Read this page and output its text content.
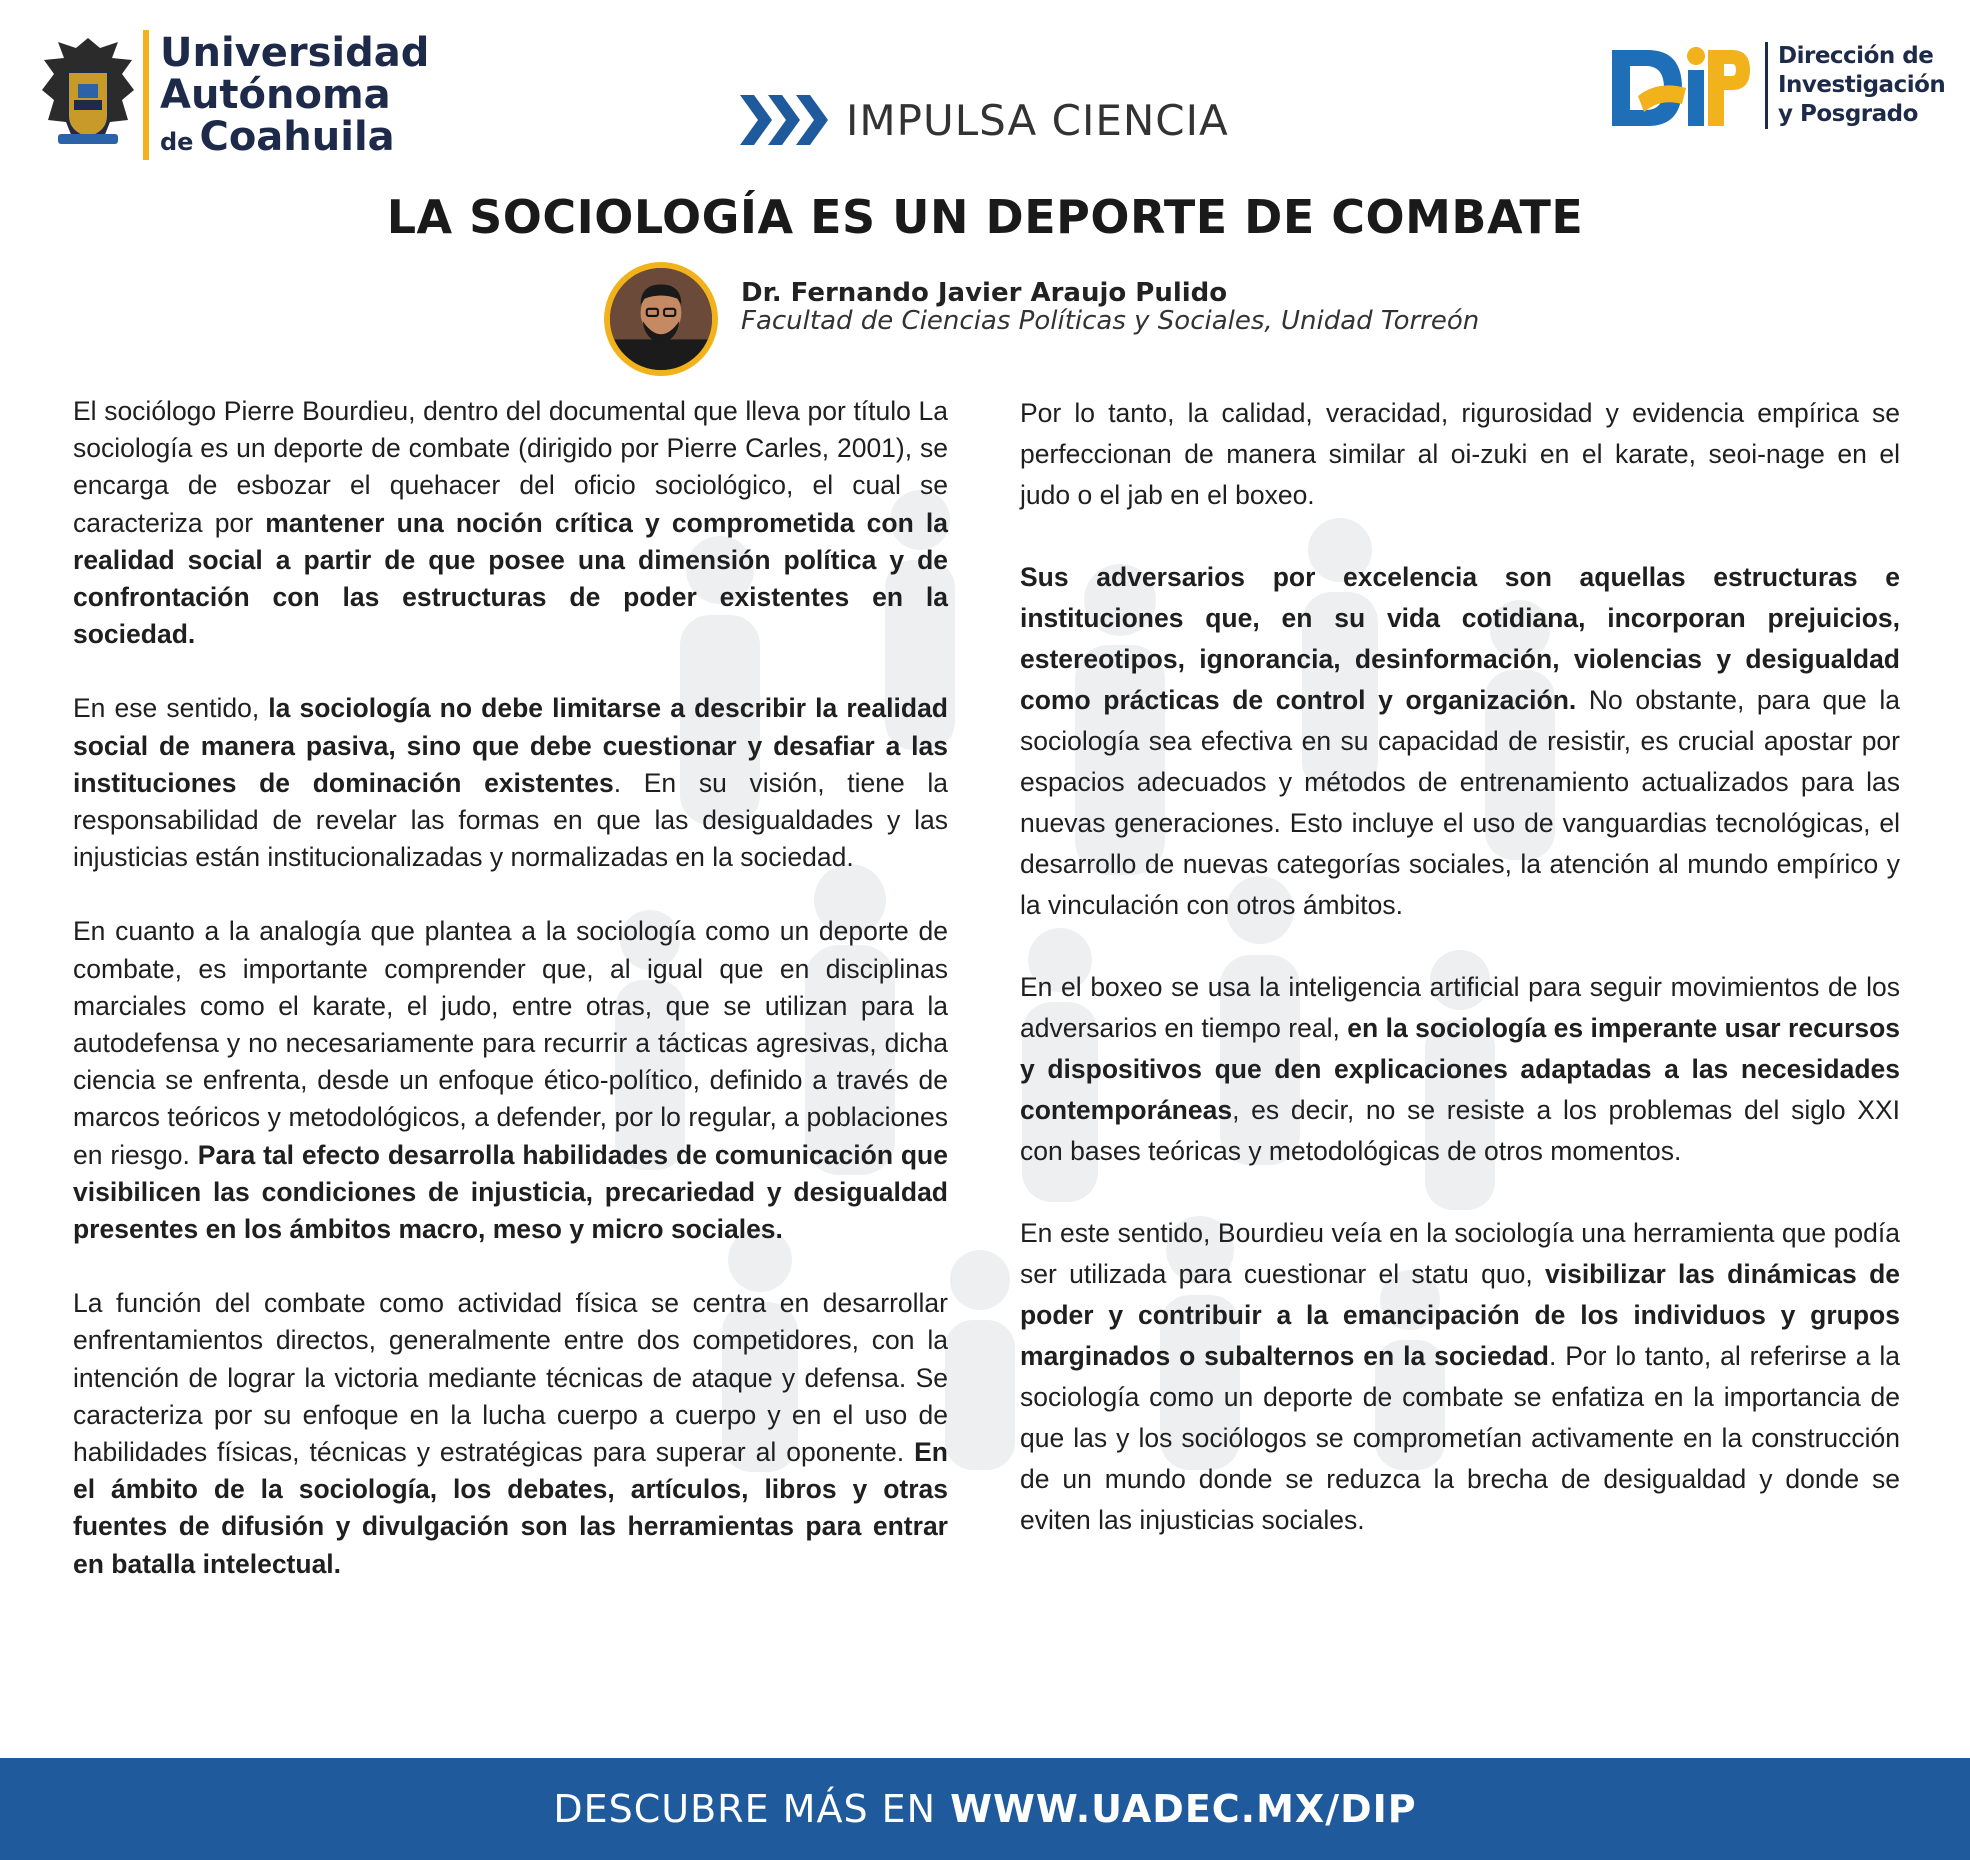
Universidad
Autónoma
de Coahuila	IMPULSA CIENCIA
Dirección de
Investigación
y Posgrado
LA SOCIOLOGÍA ES UN DEPORTE DE COMBATE
Dr. Fernando Javier Araujo Pulido
Facultad de Ciencias Políticas y Sociales, Unidad Torreón

El sociólogo Pierre Bourdieu, dentro del documental que lleva por título La sociología es un deporte de combate (dirigido por Pierre Carles, 2001), se encarga de esbozar el quehacer del oficio sociológico, el cual se caracteriza por mantener una noción crítica y comprometida con la realidad social a partir de que posee una dimensión política y de confrontación con las estructuras de poder existentes en la sociedad.

En ese sentido, la sociología no debe limitarse a describir la realidad social de manera pasiva, sino que debe cuestionar y desafiar a las instituciones de dominación existentes. En su visión, tiene la responsabilidad de revelar las formas en que las desigualdades y las injusticias están institucionalizadas y normalizadas en la sociedad.

En cuanto a la analogía que plantea a la sociología como un deporte de combate, es importante comprender que, al igual que en disciplinas marciales como el karate, el judo, entre otras, que se utilizan para la autodefensa y no necesariamente para recurrir a tácticas agresivas, dicha ciencia se enfrenta, desde un enfoque ético-político, definido a través de marcos teóricos y metodológicos, a defender, por lo regular, a poblaciones en riesgo. Para tal efecto desarrolla habilidades de comunicación que visibilicen las condiciones de injusticia, precariedad y desigualdad presentes en los ámbitos macro, meso y micro sociales.

La función del combate como actividad física se centra en desarrollar enfrentamientos directos, generalmente entre dos competidores, con la intención de lograr la victoria mediante técnicas de ataque y defensa. Se caracteriza por su enfoque en la lucha cuerpo a cuerpo y en el uso de habilidades físicas, técnicas y estratégicas para superar al oponente. En el ámbito de la sociología, los debates, artículos, libros y otras fuentes de difusión y divulgación son las herramientas para entrar en batalla intelectual.

Por lo tanto, la calidad, veracidad, rigurosidad y evidencia empírica se perfeccionan de manera similar al oi-zuki en el karate, seoi-nage en el judo o el jab en el boxeo.

Sus adversarios por excelencia son aquellas estructuras e instituciones que, en su vida cotidiana, incorporan prejuicios, estereotipos, ignorancia, desinformación, violencias y desigualdad como prácticas de control y organización. No obstante, para que la sociología sea efectiva en su capacidad de resistir, es crucial apostar por espacios adecuados y métodos de entrenamiento actualizados para las nuevas generaciones. Esto incluye el uso de vanguardias tecnológicas, el desarrollo de nuevas categorías sociales, la atención al mundo empírico y la vinculación con otros ámbitos.

En el boxeo se usa la inteligencia artificial para seguir movimientos de los adversarios en tiempo real, en la sociología es imperante usar recursos y dispositivos que den explicaciones adaptadas a las necesidades contemporáneas, es decir, no se resiste a los problemas del siglo XXI con bases teóricas y metodológicas de otros momentos.

En este sentido, Bourdieu veía en la sociología una herramienta que podía ser utilizada para cuestionar el statu quo, visibilizar las dinámicas de poder y contribuir a la emancipación de los individuos y grupos marginados o subalternos en la sociedad. Por lo tanto, al referirse a la sociología como un deporte de combate se enfatiza en la importancia de que las y los sociólogos se comprometían activamente en la construcción de un mundo donde se reduzca la brecha de desigualdad y donde se eviten las injusticias sociales.

DESCUBRE MÁS EN WWW.UADEC.MX/DIP
